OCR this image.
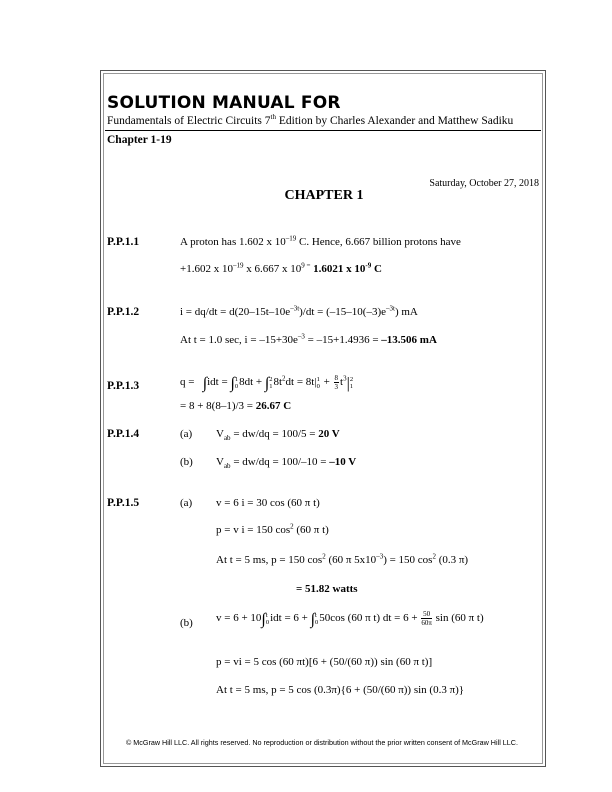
SOLUTION MANUAL FOR
Fundamentals of Electric Circuits 7th Edition by Charles Alexander and Matthew Sadiku
Chapter 1-19
Saturday, October 27, 2018
CHAPTER 1
P.P.1.1	A proton has 1.602 x $10^{-19}$ C. Hence, 6.667 billion protons have
+1.602 x $10^{-19}$ x 6.667 x $10^{9 =}$ 1.6021 x $10^{-9}$ C
P.P.1.2	$i = dq/dt = d(20-15t-10e^{-3t})/dt = (-15-10(-3)e^{-3t})$ mA
At t = 1.0 sec, $i = -15+30e^{-3} = -15+1.4936 = -13.506$ mA
P.P.1.3	q = ∫idt = ∫ 1
0 8dt + ∫ 2
1 $8t^2dt = 8t|$ 1
$0 + \frac{8}{3} t^3|$ 2
1
= 8 + 8(8–1)/3 = 26.67 C
P.P.1.4	(a) $V_{ab} = dw/dq = 100/5 = 20$ V
(b) $V_{ab} = dw/dq = 100/-10 = -10$ V
P.P.1.5	(a) v = 6 i = 30 cos (60 π t)
p = v i = 150 $\cos^2 (60$ π t)
At t = 5 ms, p = 150 $\cos^2 (60$ π $5x10^{-3}) = 150$ $\cos^2 (0.3$ π)
= 51.82 watts
(b) v = 6 + 10∫ t
0 idt = 6 + ∫ t
0 50cos (60 π t) dt = $6 + \frac{50}{60\pi}$ sin (60 π t)
p = vi = 5 cos (60 πt)[6 + (50/(60 π)) sin (60 π t)]
At t = 5 ms, p = 5 cos (0.3π){6 + (50/(60 π)) sin (0.3 π)}
© McGraw Hill LLC. All rights reserved. No reproduction or distribution without the prior written consent of McGraw Hill LLC.
